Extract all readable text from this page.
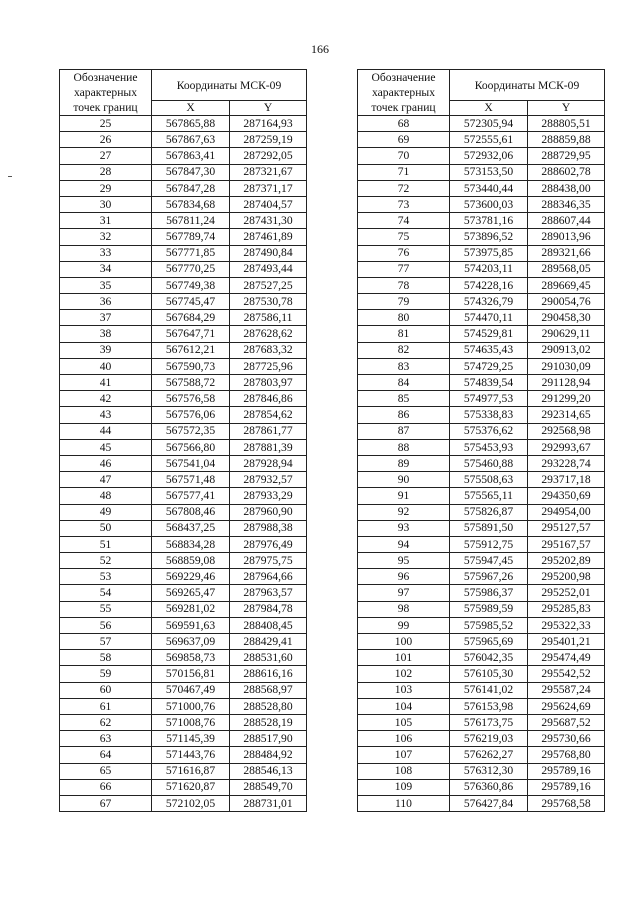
166
Обозначение характерных точек границ	Координаты МСК-09	
	X	Y
25	567865,88	287164,93
26	567867,63	287259,19
27	567863,41	287292,05
28	567847,30	287321,67
29	567847,28	287371,17
30	567834,68	287404,57
31	567811,24	287431,30
32	567789,74	287461,89
33	567771,85	287490,84
34	567770,25	287493,44
35	567749,38	287527,25
36	567745,47	287530,78
37	567684,29	287586,11
38	567647,71	287628,62
39	567612,21	287683,32
40	567590,73	287725,96
41	567588,72	287803,97
42	567576,58	287846,86
43	567576,06	287854,62
44	567572,35	287861,77
45	567566,80	287881,39
46	567541,04	287928,94
47	567571,48	287932,57
48	567577,41	287933,29
49	567808,46	287960,90
50	568437,25	287988,38
51	568834,28	287976,49
52	568859,08	287975,75
53	569229,46	287964,66
54	569265,47	287963,57
55	569281,02	287984,78
56	569591,63	288408,45
57	569637,09	288429,41
58	569858,73	288531,60
59	570156,81	288616,16
60	570467,49	288568,97
61	571000,76	288528,80
62	571008,76	288528,19
63	571145,39	288517,90
64	571443,76	288484,92
65	571616,87	288546,13
66	571620,87	288549,70
67	572102,05	288731,01
Обозначение характерных точек границ	Координаты МСК-09	
	X	Y
68	572305,94	288805,51
69	572555,61	288859,88
70	572932,06	288729,95
71	573153,50	288602,78
72	573440,44	288438,00
73	573600,03	288346,35
74	573781,16	288607,44
75	573896,52	289013,96
76	573975,85	289321,66
77	574203,11	289568,05
78	574228,16	289669,45
79	574326,79	290054,76
80	574470,11	290458,30
81	574529,81	290629,11
82	574635,43	290913,02
83	574729,25	291030,09
84	574839,54	291128,94
85	574977,53	291299,20
86	575338,83	292314,65
87	575376,62	292568,98
88	575453,93	292993,67
89	575460,88	293228,74
90	575508,63	293717,18
91	575565,11	294350,69
92	575826,87	294954,00
93	575891,50	295127,57
94	575912,75	295167,57
95	575947,45	295202,89
96	575967,26	295200,98
97	575986,37	295252,01
98	575989,59	295285,83
99	575985,52	295322,33
100	575965,69	295401,21
101	576042,35	295474,49
102	576105,30	295542,52
103	576141,02	295587,24
104	576153,98	295624,69
105	576173,75	295687,52
106	576219,03	295730,66
107	576262,27	295768,80
108	576312,30	295789,16
109	576360,86	295789,16
110	576427,84	295768,58
